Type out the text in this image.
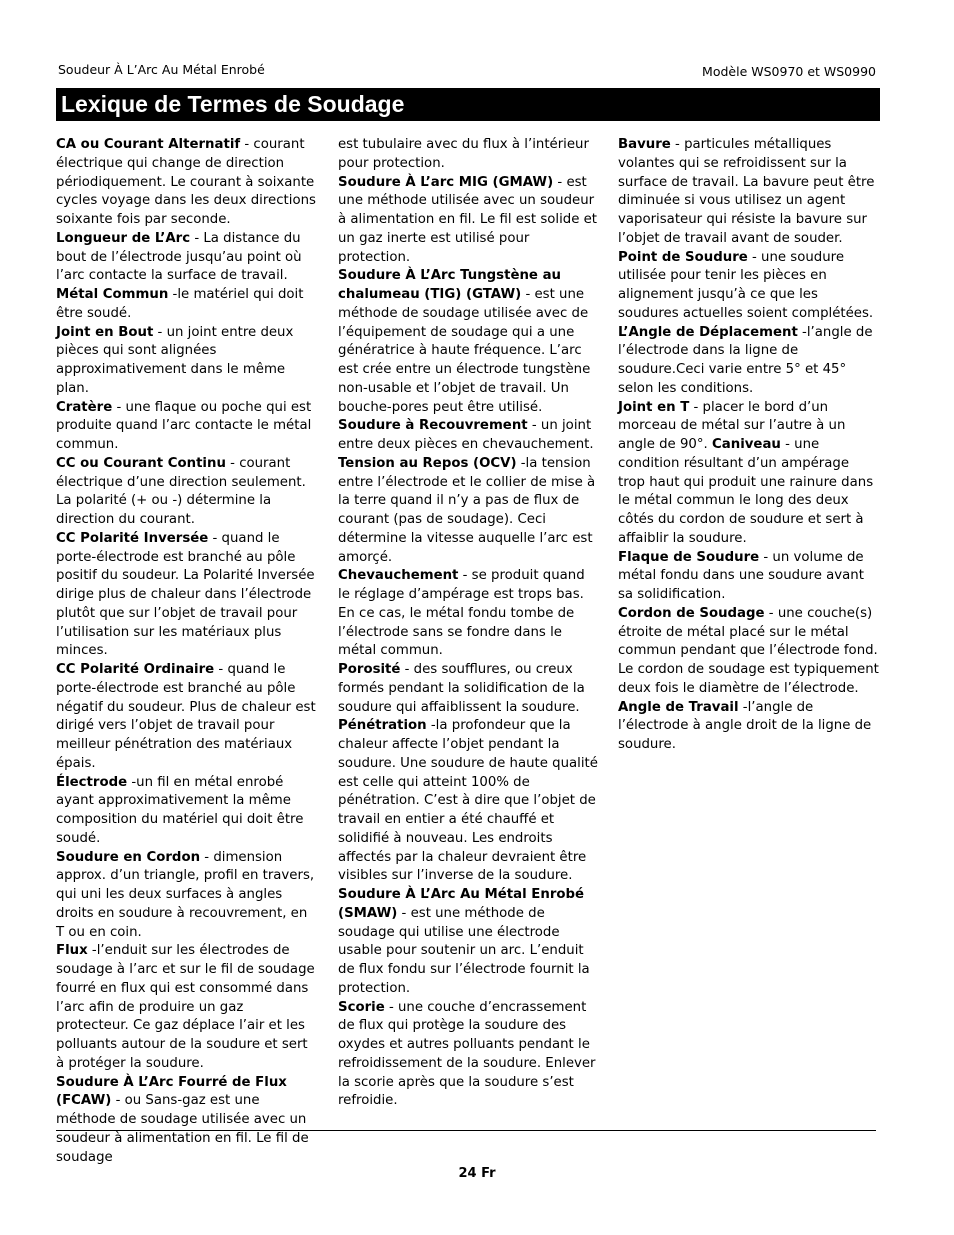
Soudeur À L’Arc Au Métal Enrobé	Modèle WS0970 et WS0990
Lexique de Termes de Soudage

CA ou Courant Alternatif - courant électrique qui change de direction périodiquement. Le courant à soixante cycles voyage dans les deux directions soixante fois par seconde.

Longueur de L’Arc - La distance du bout de l’électrode jusqu’au point où l’arc contacte la surface de travail.

Métal Commun -le matériel qui doit être soudé.

Joint en Bout - un joint entre deux pièces qui sont alignées approximativement dans le même plan.

Cratère - une flaque ou poche qui est produite quand l’arc contacte le métal commun.

CC ou Courant Continu - courant électrique d’une direction seulement. La polarité (+ ou -) détermine la direction du courant.

CC Polarité Inversée - quand le porte-électrode est branché au pôle positif du soudeur. La Polarité Inversée dirige plus de chaleur dans l’électrode plutôt que sur l’objet de travail pour l’utilisation sur les matériaux plus minces.

CC Polarité Ordinaire - quand le porte-électrode est branché au pôle négatif du soudeur. Plus de chaleur est dirigé vers l’objet de travail pour meilleur pénétration des matériaux épais.

Électrode -un fil en métal enrobé ayant approximativement la même composition du matériel qui doit être soudé.

Soudure en Cordon - dimension approx. d’un triangle, profil en travers, qui uni les deux surfaces à angles droits en soudure à recouvrement, en T ou en coin.

Flux -l’enduit sur les électrodes de soudage à l’arc et sur le fil de soudage fourré en flux qui est consommé dans l’arc afin de produire un gaz protecteur. Ce gaz déplace l’air et les polluants autour de la soudure et sert à protéger la soudure.

Soudure À L’Arc Fourré de Flux (FCAW) - ou Sans-gaz est une méthode de soudage utilisée avec un soudeur à alimentation en fil. Le fil de soudage

est tubulaire avec du flux à l’intérieur pour protection.

Soudure À L’arc MIG (GMAW) - est une méthode utilisée avec un soudeur à alimentation en fil. Le fil est solide et un gaz inerte est utilisé pour protection.

Soudure À L’Arc Tungstène au chalumeau (TIG) (GTAW) - est une méthode de soudage utilisée avec de l’équipement de soudage qui a une génératrice à haute fréquence. L’arc est crée entre un électrode tungstène non-usable et l’objet de travail. Un bouche-pores peut être utilisé.

Soudure à Recouvrement - un joint entre deux pièces en chevauchement.

Tension au Repos (OCV) -la tension entre l’électrode et le collier de mise à la terre quand il n’y a pas de flux de courant (pas de soudage). Ceci détermine la vitesse auquelle l’arc est amorçé.

Chevauchement - se produit quand le réglage d’ampérage est trops bas. En ce cas, le métal fondu tombe de l’électrode sans se fondre dans le métal commun.

Porosité - des soufflures, ou creux formés pendant la solidification de la soudure qui affaiblissent la soudure.

Pénétration -la profondeur que la chaleur affecte l’objet pendant la soudure. Une soudure de haute qualité est celle qui atteint 100% de pénétration. C’est à dire que l’objet de travail en entier a été chauffé et solidifié à nouveau. Les endroits affectés par la chaleur devraient être visibles sur l’inverse de la soudure.

Soudure À L’Arc Au Métal Enrobé (SMAW) - est une méthode de soudage qui utilise une électrode usable pour soutenir un arc. L’enduit de flux fondu sur l’électrode fournit la protection.

Scorie - une couche d’encrassement de flux qui protège la soudure des oxydes et autres polluants pendant le refroidissement de la soudure. Enlever la scorie après que la soudure s’est refroidie.

Bavure - particules métalliques volantes qui se refroidissent sur la surface de travail. La bavure peut être diminuée si vous utilisez un agent vaporisateur qui résiste la bavure sur l’objet de travail avant de souder.

Point de Soudure - une soudure utilisée pour tenir les pièces en alignement jusqu’à ce que les soudures actuelles soient complétées.

L’Angle de Déplacement -l’angle de l’électrode dans la ligne de soudure.Ceci varie entre 5° et 45° selon les conditions.

Joint en T - placer le bord d’un morceau de métal sur l’autre à un angle de 90°. Caniveau - une condition résultant d’un ampérage trop haut qui produit une rainure dans le métal commun le long des deux côtés du cordon de soudure et sert à affaiblir la soudure.

Flaque de Soudure - un volume de métal fondu dans une soudure avant sa solidification.

Cordon de Soudage - une couche(s) étroite de métal placé sur le métal commun pendant que l’électrode fond. Le cordon de soudage est typiquement deux fois le diamètre de l’électrode.

Angle de Travail -l’angle de l’électrode à angle droit de la ligne de soudure.

24 Fr
